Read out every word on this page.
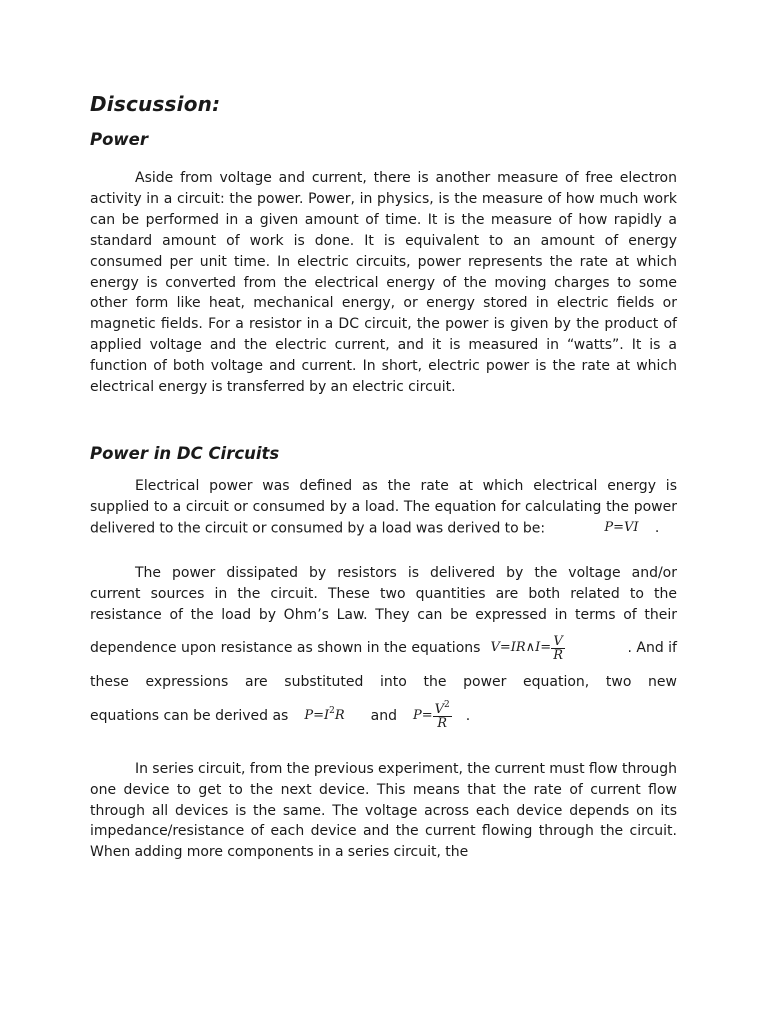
Discussion:
Power

Aside from voltage and current, there is another measure of free electron activity in a circuit: the power. Power, in physics, is the measure of how much work can be performed in a given amount of time. It is the measure of how rapidly a standard amount of work is done. It is equivalent to an amount of energy consumed per unit time. In electric circuits, power represents the rate at which energy is converted from the electrical energy of the moving charges to some other form like heat, mechanical energy, or energy stored in electric fields or magnetic fields. For a resistor in a DC circuit, the power is given by the product of applied voltage and the electric current, and it is measured in “watts”. It is a function of both voltage and current. In short, electric power is the rate at which electrical energy is transferred by an electric circuit.

Power in DC Circuits

Electrical power was defined as the rate at which electrical energy is supplied to a circuit or consumed by a load. The equation for calculating the power delivered to the circuit or consumed by a load was derived to be:	P=VI .

The power dissipated by resistors is delivered by the voltage and/or

current sources in the circuit. These two quantities are both related to the

resistance of the load by Ohm’s Law. They can be expressed in terms of their

dependence upon resistance as shown in the equations V=IR∧I= $\frac{V}{R}$	. And if

these expressions are substituted into the power equation, two new

equations can be derived as $P=I^2R$ and $P= \frac{V^2}{R}$ .

In series circuit, from the previous experiment, the current must flow through one device to get to the next device. This means that the rate of current flow through all devices is the same. The voltage across each device depends on its impedance/resistance of each device and the current flowing through the circuit. When adding more components in a series circuit, the
